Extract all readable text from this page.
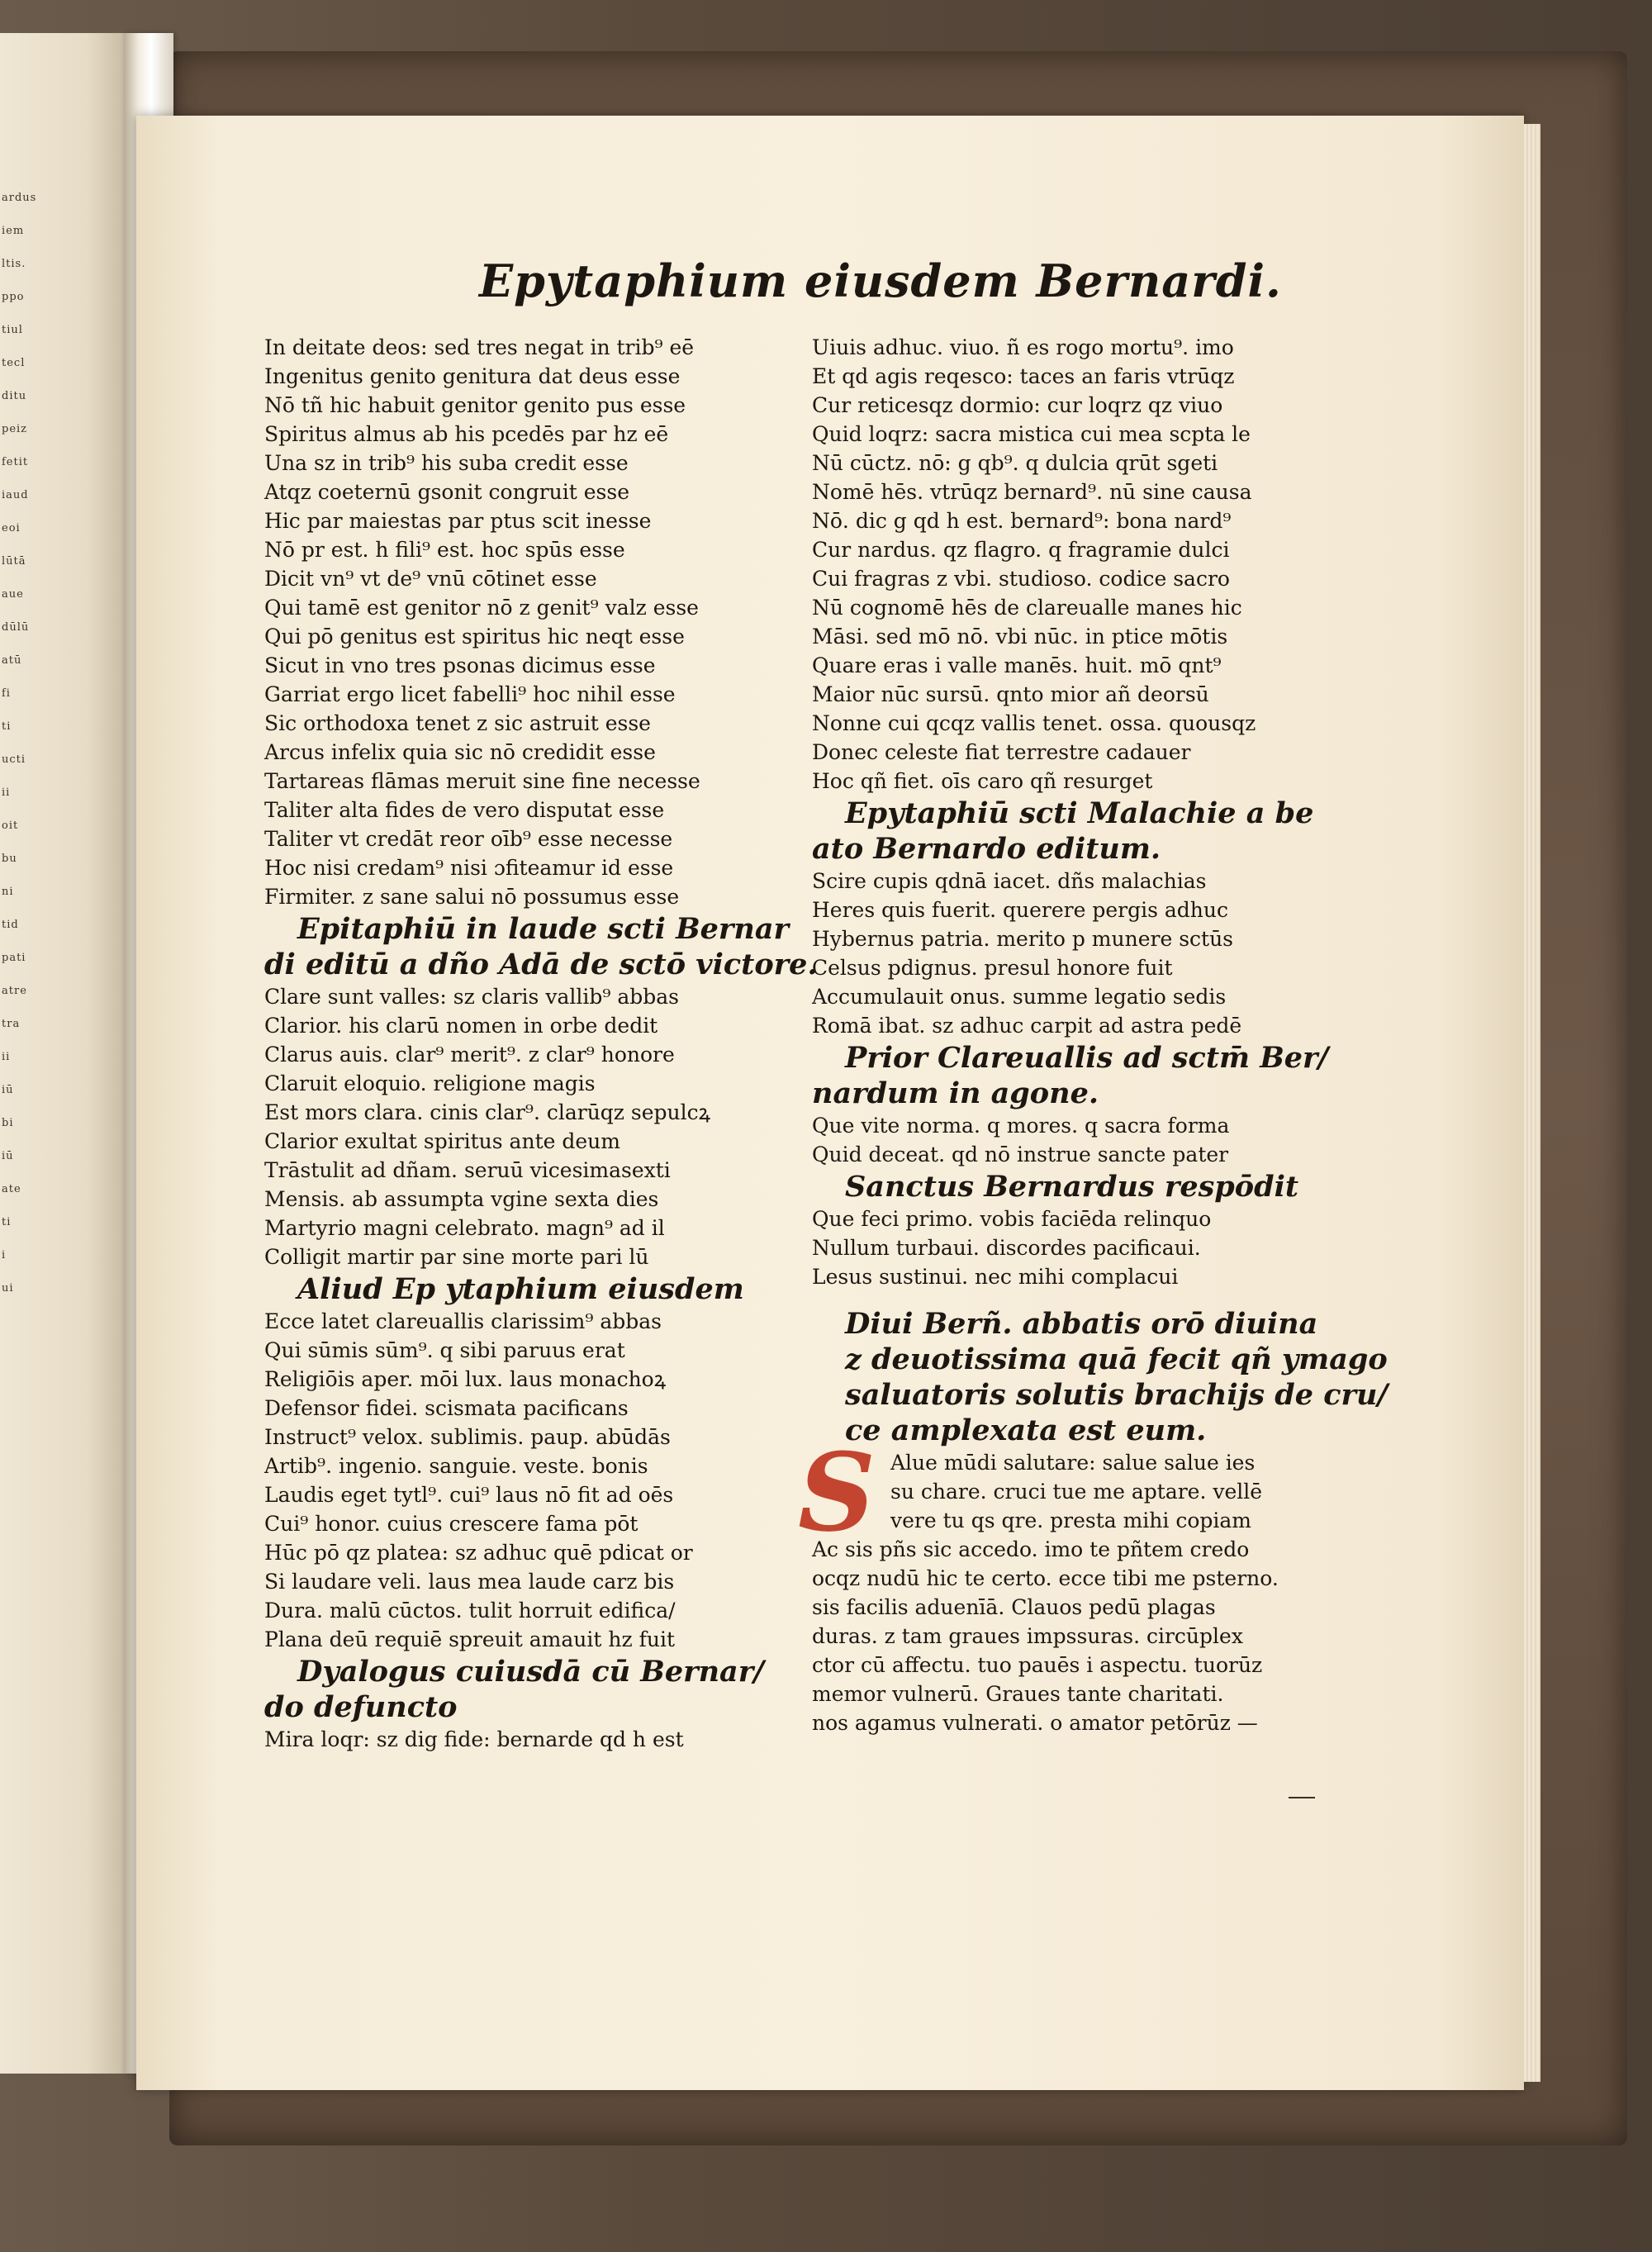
ardus
iem
ltis.
ppo
tiul
tecl
ditu
peiz
fetit
iaud
eoi
lūtā
aue
dūlū
atū
fi
ti
ucti
ii
oit
bu
ni
tid
pati
atre
tra
ii
iū
bi
iū
ate
ti
i
ui
Epytaphium eiusdem Bernardi.
In deitate deos: sed tres negat in trib⁹ eē
Ingenitus genito genitura dat deus esse
Nō tñ hic habuit genitor genito pus esse
Spiritus almus ab his pcedēs par hz eē
Una sz in trib⁹ his suba credit esse
Atqz coeternū gsonit congruit esse
Hic par maiestas par ptus scit inesse
Nō pr est. h fili⁹ est. hoc spūs esse
Dicit vn⁹ vt de⁹ vnū cōtinet esse
Qui tamē est genitor nō z genit⁹ valz esse
Qui pō genitus est spiritus hic neqt esse
Sicut in vno tres psonas dicimus esse
Garriat ergo licet fabelli⁹ hoc nihil esse
Sic orthodoxa tenet z sic astruit esse
Arcus infelix quia sic nō credidit esse
Tartareas flāmas meruit sine fine necesse
Taliter alta fides de vero disputat esse
Taliter vt credāt reor oīb⁹ esse necesse
Hoc nisi credam⁹ nisi ɔfiteamur id esse
Firmiter. z sane salui nō possumus esse
Epitaphiū in laude scti Bernar
di editū a dño Adā de sctō victore.
Clare sunt valles: sz claris vallib⁹ abbas
Clarior. his clarū nomen in orbe dedit
Clarus auis. clar⁹ merit⁹. z clar⁹ honore
Claruit eloquio. religione magis
Est mors clara. cinis clar⁹. clarūqz sepulcꝝ
Clarior exultat spiritus ante deum
Trāstulit ad dñam. seruū vicesimasexti
Mensis. ab assumpta vgine sexta dies
Martyrio magni celebrato. magn⁹ ad il
Colligit martir par sine morte pari lū
Aliud Ep ytaphium eiusdem
Ecce latet clareuallis clarissim⁹ abbas
Qui sūmis sūm⁹. q sibi paruus erat
Religiōis aper. mōi lux. laus monachoꝝ
Defensor fidei. scismata pacificans
Instruct⁹ velox. sublimis. paup. abūdās
Artib⁹. ingenio. sanguie. veste. bonis
Laudis eget tytl⁹. cui⁹ laus nō fit ad oēs
Cui⁹ honor. cuius crescere fama pōt
Hūc pō qz platea: sz adhuc quē pdicat or
Si laudare veli. laus mea laude carz bis
Dura. malū cūctos. tulit horruit edifica/
Plana deū requiē spreuit amauit hz fuit
Dyalogus cuiusdā cū Bernar/
do defuncto
Mira loqr: sz dig fide: bernarde qd h est
Uiuis adhuc. viuo. ñ es rogo mortu⁹. imo
Et qd agis reqesco: taces an faris vtrūqz
Cur reticesqz dormio: cur loqrz qz viuo
Quid loqrz: sacra mistica cui mea scpta le
Nū cūctz. nō: g qb⁹. q dulcia qrūt sgeti
Nomē hēs. vtrūqz bernard⁹. nū sine causa
Nō. dic g qd h est. bernard⁹: bona nard⁹
Cur nardus. qz flagro. q fragramie dulci
Cui fragras z vbi. studioso. codice sacro
Nū cognomē hēs de clareualle manes hic
Māsi. sed mō nō. vbi nūc. in ptice mōtis
Quare eras i valle manēs. huit. mō qnt⁹
Maior nūc sursū. qnto mior añ deorsū
Nonne cui qcqz vallis tenet. ossa. quousqz
Donec celeste fiat terrestre cadauer
Hoc qñ fiet. oīs caro qñ resurget
Epytaphiū scti Malachie a be
ato Bernardo editum.
Scire cupis qdnā iacet. dñs malachias
Heres quis fuerit. querere pergis adhuc
Hybernus patria. merito p munere sctūs
Celsus pdignus. presul honore fuit
Accumulauit onus. summe legatio sedis
Romā ibat. sz adhuc carpit ad astra pedē
Prior Clareuallis ad sctm̄ Ber/
nardum in agone.
Que vite norma. q mores. q sacra forma
Quid deceat. qd nō instrue sancte pater
Sanctus Bernardus respōdit
Que feci primo. vobis faciēda relinquo
Nullum turbaui. discordes pacificaui.
Lesus sustinui. nec mihi complacui
Diui Berñ. abbatis orō diuina
z deuotissima quā fecit qñ ymago
saluatoris solutis brachijs de cru/
ce amplexata est eum.
S Alue mūdi salutare: salue salue ies
su chare. cruci tue me aptare. vellē
vere tu qs qre. presta mihi copiam
Ac sis pñs sic accedo. imo te pñtem credo
ocqz nudū hic te certo. ecce tibi me psterno.
sis facilis aduenīā. Clauos pedū plagas
duras. z tam graues impssuras. circūplex
ctor cū affectu. tuo pauēs i aspectu. tuorūz
memor vulnerū. Graues tante charitati.
nos agamus vulnerati. o amator petōrūz —
